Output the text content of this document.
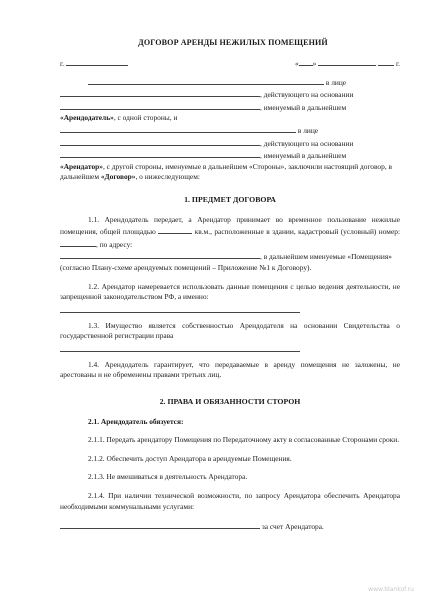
ДОГОВОР АРЕНДЫ НЕЖИЛЫХ ПОМЕЩЕНИЙ
г.	« »	г.
в лице
, действующего на основании
, именуемый в дальнейшем
«Арендодатель», с одной стороны, и
в лице
, действующего на основании
, именуемый в дальнейшем
«Арендатор», с другой стороны, именуемые в дальнейшем «Стороны», заключили настоящий договор, в дальнейшем «Договор», о нижеследующем:
1. ПРЕДМЕТ ДОГОВОРА
1.1. Арендодатель передает, а Арендатор принимает во временное пользование нежилые помещения, общей площадью	кв.м., расположенные в здании, кадастровый (условный) номер: , по адресу:
, в дальнейшем именуемые «Помещения» (согласно Плану-схеме арендуемых помещений – Приложение №1 к Договору).
1.2. Арендатор намеревается использовать данные помещения с целью ведения деятельности, не запрещенной законодательством РФ, а именно:
1.3. Имущество является собственностью Арендодателя на основании Свидетельства о государственной регистрации права
1.4. Арендодатель гарантирует, что передаваемые в аренду помещения не заложены, не арестованы и не обременены правами третьих лиц.
2. ПРАВА И ОБЯЗАННОСТИ СТОРОН
2.1. Арендодатель обязуется:
2.1.1. Передать арендатору Помещения по Передаточному акту в согласованные Сторонами сроки.
2.1.2. Обеспечить доступ Арендатора в арендуемые Помещения.
2.1.3. Не вмешиваться в деятельность Арендатора.
2.1.4. При наличии технической возможности, по запросу Арендатора обеспечить Арендатора необходимыми коммунальными услугами:
за счет Арендатора.
www.blankof.ru
